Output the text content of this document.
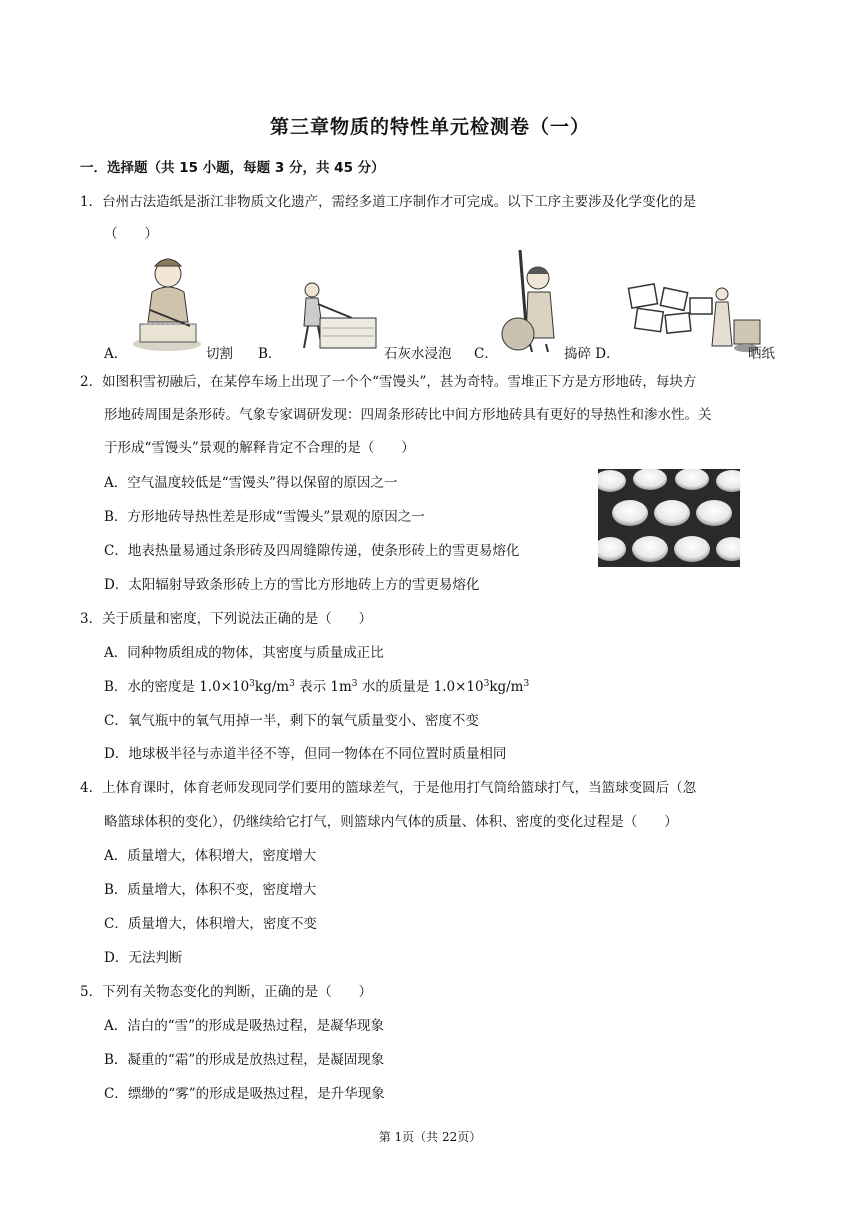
第三章物质的特性单元检测卷（一）
一．选择题（共 15 小题，每题 3 分，共 45 分）
1．台州古法造纸是浙江非物质文化遗产，需经多道工序制作才可完成。以下工序主要涉及化学变化的是
（　　）
A．	切割 B．	石灰水浸泡 C．	捣碎 D．	晒纸
2．如图积雪初融后，在某停车场上出现了一个个“雪馒头”，甚为奇特。雪堆正下方是方形地砖，每块方
形地砖周围是条形砖。气象专家调研发现：四周条形砖比中间方形地砖具有更好的导热性和渗水性。关
于形成“雪馒头”景观的解释肯定不合理的是（　　）
A．空气温度较低是“雪馒头”得以保留的原因之一
B．方形地砖导热性差是形成“雪馒头”景观的原因之一
C．地表热量易通过条形砖及四周缝隙传递，使条形砖上的雪更易熔化
D．太阳辐射导致条形砖上方的雪比方形地砖上方的雪更易熔化
3．关于质量和密度，下列说法正确的是（　　）
A．同种物质组成的物体，其密度与质量成正比
B．水的密度是 $1.0\times 10^3kg/m^3$ 表示 $1m^3$ 水的质量是 $1.0\times 10^3kg/m^3$
C．氧气瓶中的氧气用掉一半，剩下的氧气质量变小、密度不变
D．地球极半径与赤道半径不等，但同一物体在不同位置时质量相同
4．上体育课时，体育老师发现同学们要用的篮球差气，于是他用打气筒给篮球打气，当篮球变圆后（忽
略篮球体积的变化），仍继续给它打气，则篮球内气体的质量、体积、密度的变化过程是（　　）
A．质量增大，体积增大，密度增大
B．质量增大，体积不变，密度增大
C．质量增大，体积增大，密度不变
D．无法判断
5．下列有关物态变化的判断，正确的是（　　）
A．洁白的“雪”的形成是吸热过程，是凝华现象
B．凝重的“霜”的形成是放热过程，是凝固现象
C．缥缈的“雾”的形成是吸热过程，是升华现象
第 1页（共 22页）
